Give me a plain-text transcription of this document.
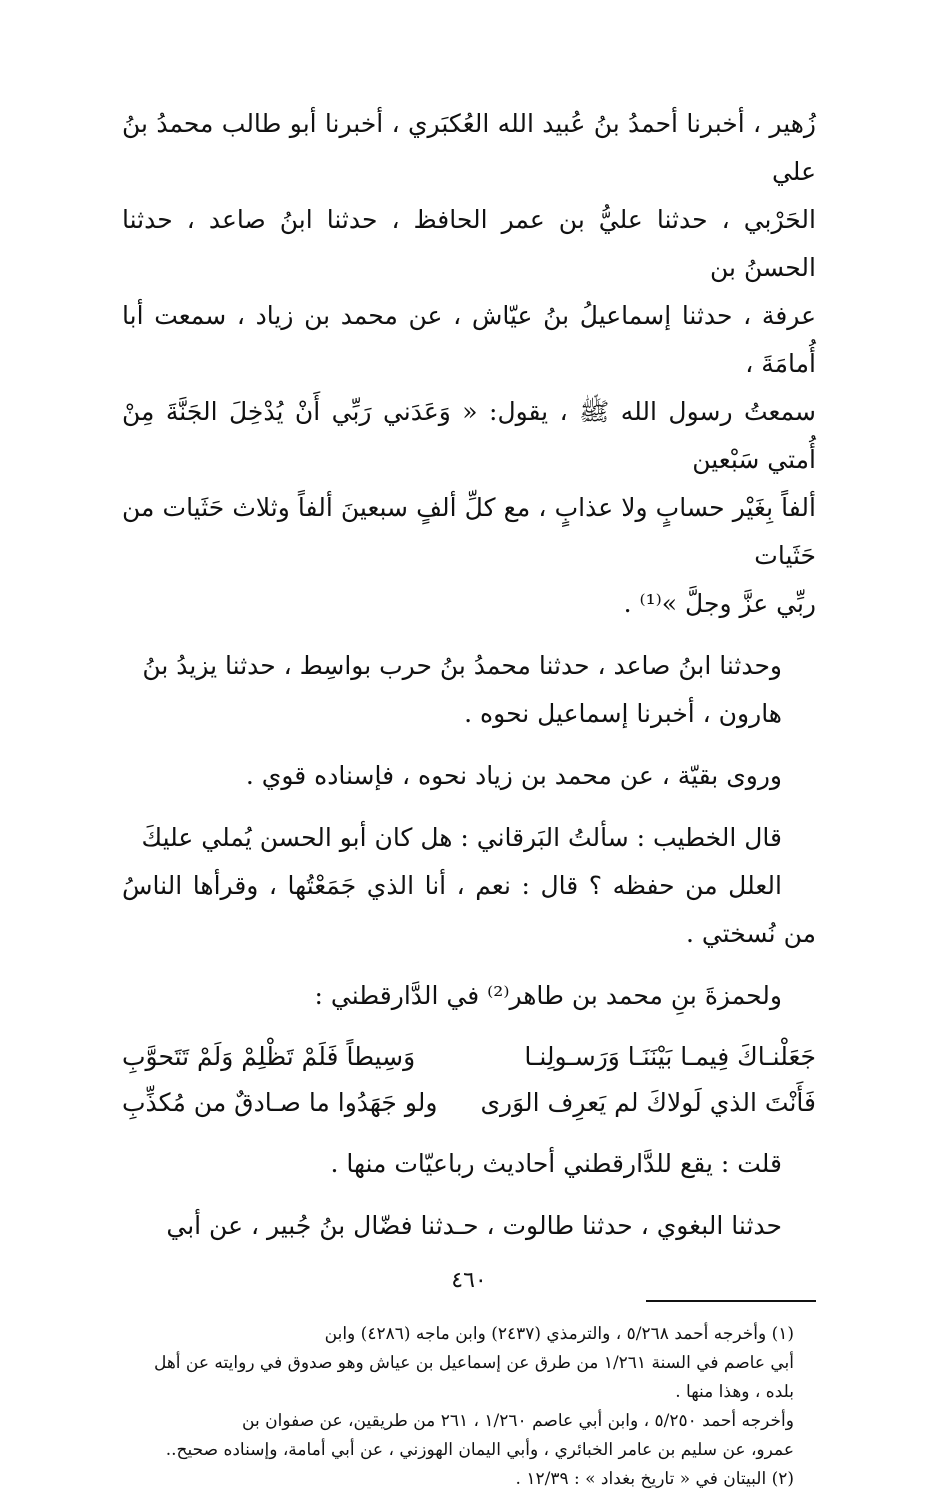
زُهير ، أخبرنا أحمدُ بنُ عُبيد الله العُكبَري ، أخبرنا أبو طالب محمدُ بنُ علي
الحَرْبي ، حدثنا عليُّ بن عمر الحافظ ، حدثنا ابنُ صاعد ، حدثنا الحسنُ بن
عرفة ، حدثنا إسماعيلُ بنُ عيّاش ، عن محمد بن زياد ، سمعت أبا أُمامَةَ ،
سمعتُ رسول الله ﷺ ، يقول: « وَعَدَني رَبِّي أَنْ يُدْخِلَ الجَنَّةَ مِنْ أُمتي سَبْعين
ألفاً بِغَيْر حسابٍ ولا عذابٍ ، مع كلِّ ألفٍ سبعينَ ألفاً وثلاث حَثَيات من حَثَيات
ربِّي عزَّ وجلَّ »⁽¹⁾ .

وحدثنا ابنُ صاعد ، حدثنا محمدُ بنُ حرب بواسِط ، حدثنا يزيدُ بنُ
هارون ، أخبرنا إسماعيل نحوه .

وروى بقيّة ، عن محمد بن زياد نحوه ، فإسناده قوي .

قال الخطيب : سألتُ البَرقاني : هل كان أبو الحسن يُملي عليكَ
العلل من حفظه ؟ قال : نعم ، أنا الذي جَمَعْتُها ، وقرأها الناسُ من نُسختي .

ولحمزةَ بنِ محمد بن طاهر⁽²⁾ في الدَّارقطني :

جَعَلْنـاكَ فِيمـا بَيْنَنَـا وَرَسـولِنـا
وَسِيطاً فَلَمْ تَظْلِمْ وَلَمْ تَتَحوَّبِ
فَأَنْتَ الذي لَولاكَ لم يَعرِف الوَرى
ولو جَهَدُوا ما صـادقٌ من مُكذِّبِ

قلت : يقع للدَّارقطني أحاديث رباعيّات منها .

حدثنا البغوي ، حدثنا طالوت ، حـدثنا فضّال بنُ جُبير ، عن أبي

(١) وأخرجه أحمد ٥/٢٦٨ ، والترمذي (٢٤٣٧) وابن ماجه (٤٢٨٦) وابن
أبي عاصم في السنة ١/٢٦١ من طرق عن إسماعيل بن عياش وهو صدوق في روايته عن أهل
بلده ، وهذا منها .

وأخرجه أحمد ٥/٢٥٠ ، وابن أبي عاصم ١/٢٦٠ ، ٢٦١ من طريقين، عن صفوان بن
عمرو، عن سليم بن عامر الخبائري ، وأبي اليمان الهوزني ، عن أبي أمامة، وإسناده صحيح..

(٢) البيتان في « تاريخ بغداد » : ١٢/٣٩ .

٤٦٠
